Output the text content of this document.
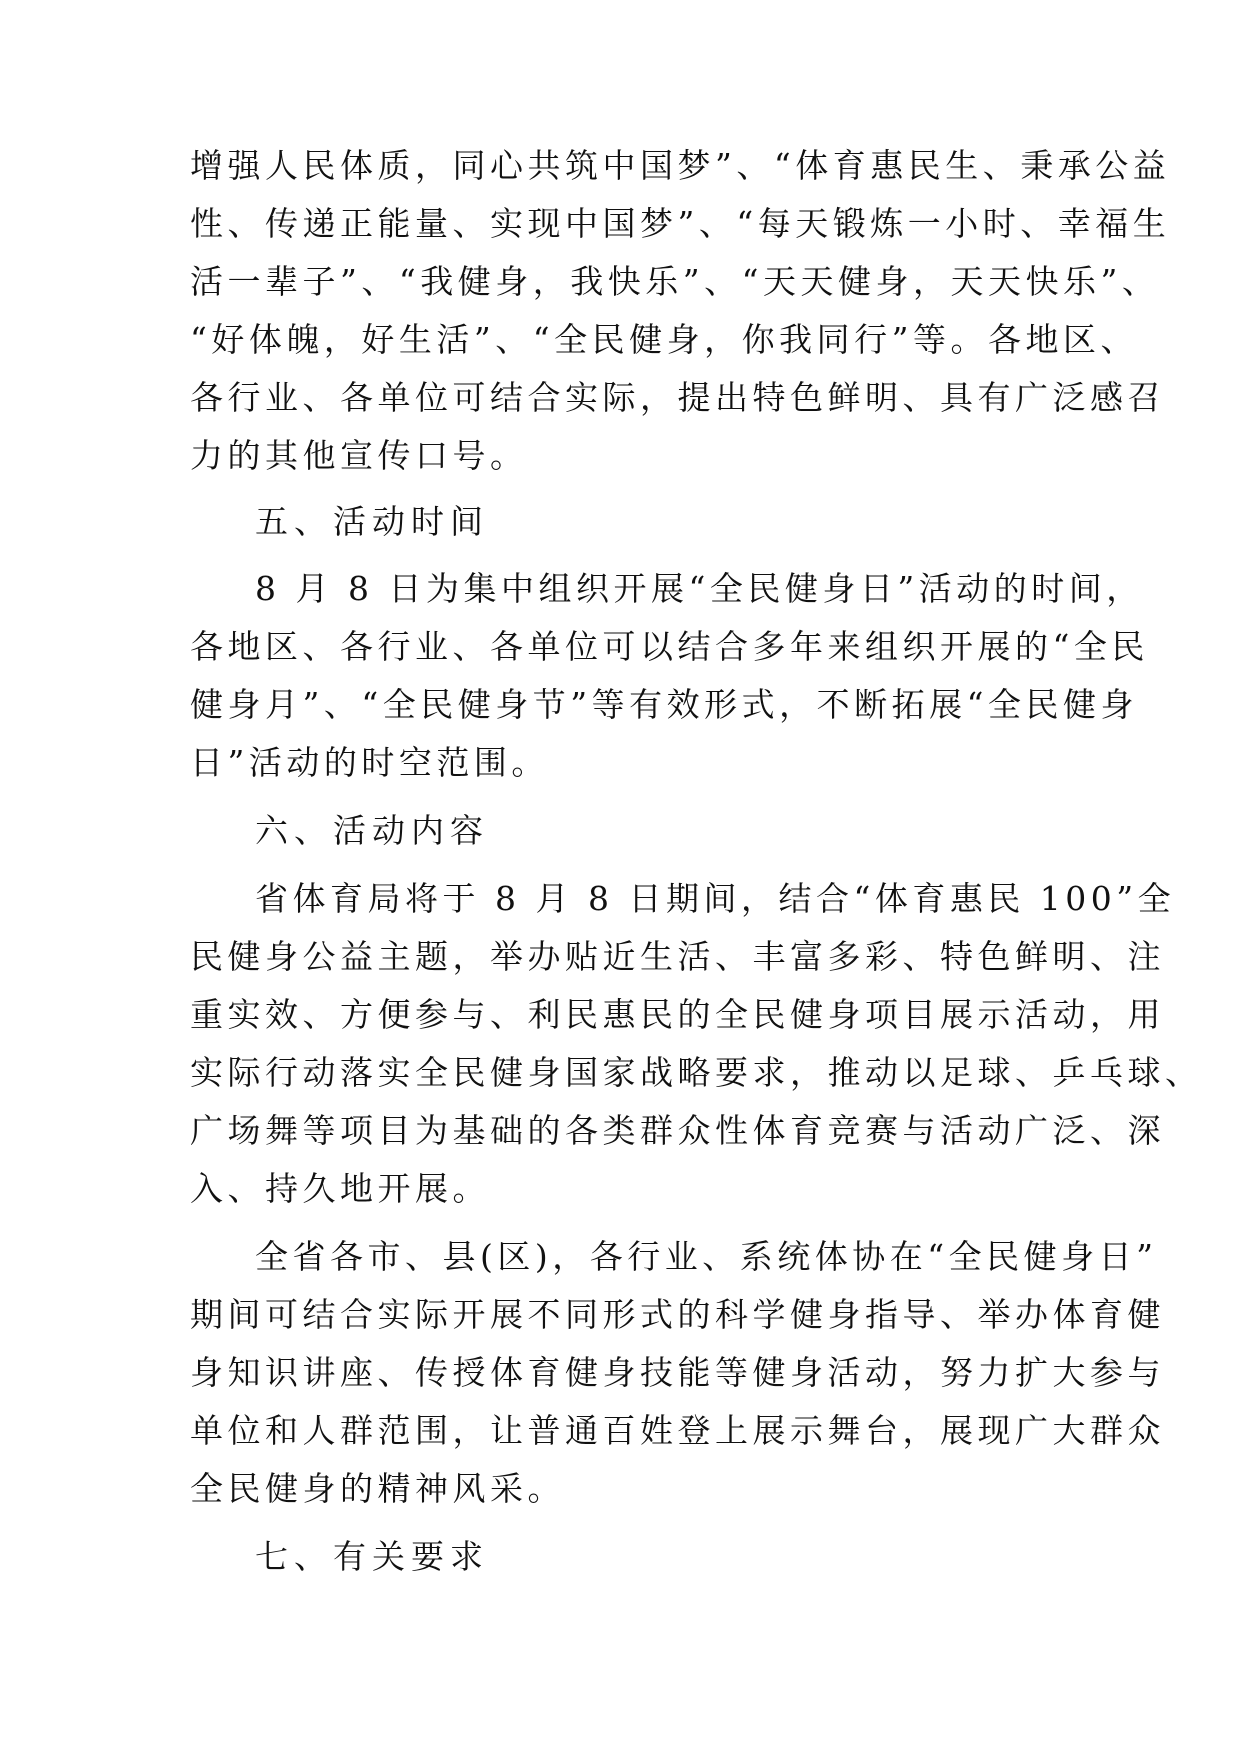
增强人民体质，同心共筑中国梦”、“体育惠民生、秉承公益
性、传递正能量、实现中国梦”、“每天锻炼一小时、幸福生
活一辈子”、“我健身，我快乐”、“天天健身，天天快乐”、
“好体魄，好生活”、“全民健身，你我同行”等。各地区、
各行业、各单位可结合实际，提出特色鲜明、具有广泛感召
力的其他宣传口号。
五、活动时间
8 月 8 日为集中组织开展“全民健身日”活动的时间，
各地区、各行业、各单位可以结合多年来组织开展的“全民
健身月”、“全民健身节”等有效形式，不断拓展“全民健身
日”活动的时空范围。
六、活动内容
省体育局将于 8 月 8 日期间，结合“体育惠民 100”全
民健身公益主题，举办贴近生活、丰富多彩、特色鲜明、注
重实效、方便参与、利民惠民的全民健身项目展示活动，用
实际行动落实全民健身国家战略要求，推动以足球、乒乓球、
广场舞等项目为基础的各类群众性体育竞赛与活动广泛、深
入、持久地开展。
全省各市、县(区)，各行业、系统体协在“全民健身日”
期间可结合实际开展不同形式的科学健身指导、举办体育健
身知识讲座、传授体育健身技能等健身活动，努力扩大参与
单位和人群范围，让普通百姓登上展示舞台，展现广大群众
全民健身的精神风采。
七、有关要求
